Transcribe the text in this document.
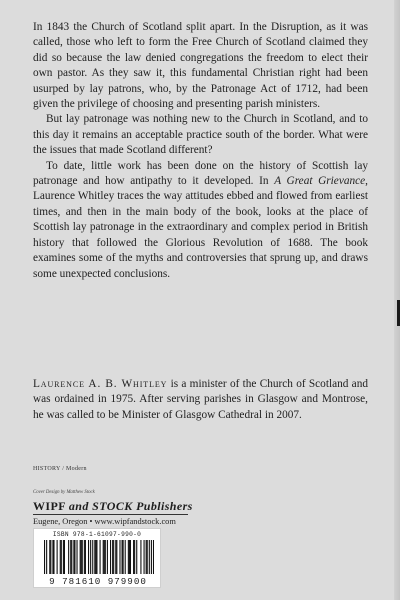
In 1843 the Church of Scotland split apart. In the Disruption, as it was called, those who left to form the Free Church of Scotland claimed they did so because the law denied congregations the freedom to elect their own pastor. As they saw it, this fundamental Christian right had been usurped by lay patrons, who, by the Patronage Act of 1712, had been given the privilege of choosing and presenting parish ministers.

But lay patronage was nothing new to the Church in Scotland, and to this day it remains an acceptable practice south of the border. What were the issues that made Scotland different?

To date, little work has been done on the history of Scottish lay patronage and how antipathy to it developed. In A Great Grievance, Laurence Whitley traces the way attitudes ebbed and flowed from earliest times, and then in the main body of the book, looks at the place of Scottish lay patronage in the extraordinary and complex period in British history that followed the Glorious Revolution of 1688. The book examines some of the myths and controversies that sprung up, and draws some unexpected conclusions.

Laurence A. B. Whitley is a minister of the Church of Scotland and was ordained in 1975. After serving parishes in Glasgow and Montrose, he was called to be Minister of Glasgow Cathedral in 2007.
HISTORY / Modern
Cover Design by Matthew Stock
WIPF and STOCK Publishers
Eugene, Oregon • www.wipfandstock.com
ISBN 978-1-61097-990-0
9 781610 979900
